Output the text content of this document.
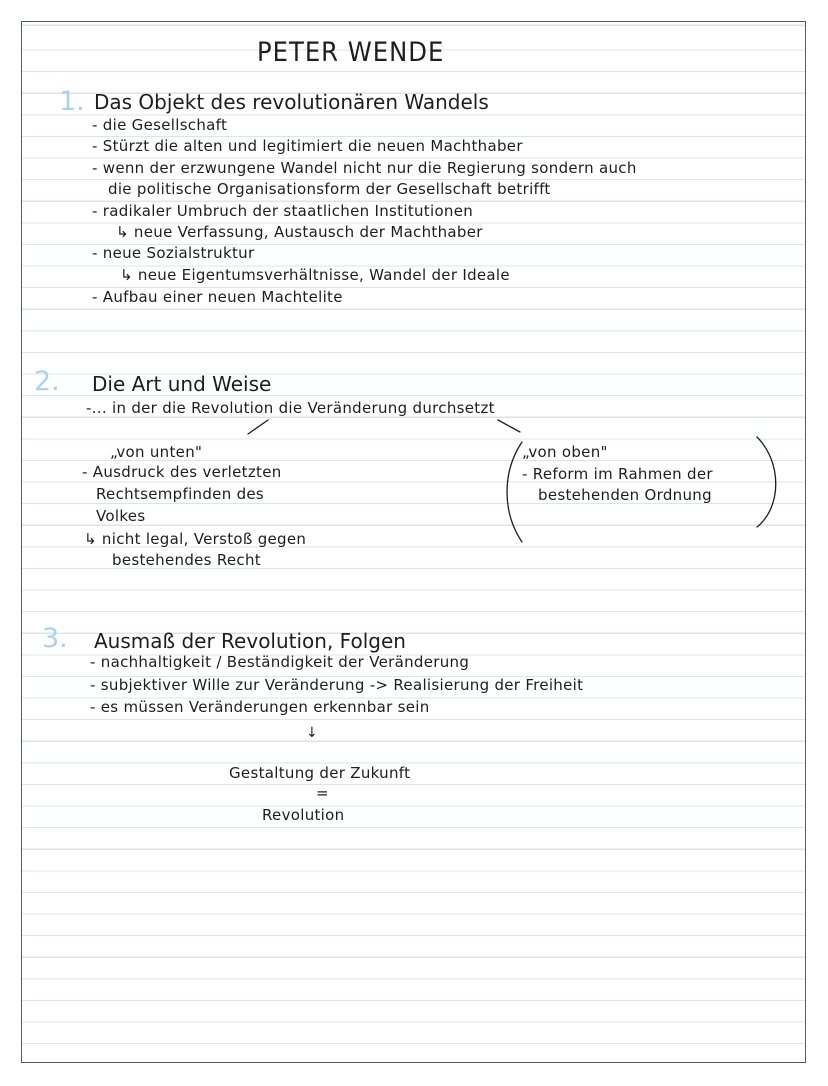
PETER WENDE
1. Das Objekt des revolutionären Wandels
- die Gesellschaft
- Stürzt die alten und legitimiert die neuen Machthaber
- wenn der erzwungene Wandel nicht nur die Regierung sondern auch
die politische Organisationsform der Gesellschaft betrifft
- radikaler Umbruch der staatlichen Institutionen
↳ neue Verfassung, Austausch der Machthaber
- neue Sozialstruktur
↳ neue Eigentumsverhältnisse, Wandel der Ideale
- Aufbau einer neuen Machtelite
2. Die Art und Weise
-... in der die Revolution die Veränderung durchsetzt
„von unten"
- Ausdruck des verletzten
Rechtsempfinden des
Volkes
↳ nicht legal, Verstoß gegen
bestehendes Recht
„von oben"
- Reform im Rahmen der
bestehenden Ordnung
3. Ausmaß der Revolution, Folgen
- nachhaltigkeit / Beständigkeit der Veränderung
- subjektiver Wille zur Veränderung -> Realisierung der Freiheit
- es müssen Veränderungen erkennbar sein
↓
Gestaltung der Zukunft
=
Revolution
